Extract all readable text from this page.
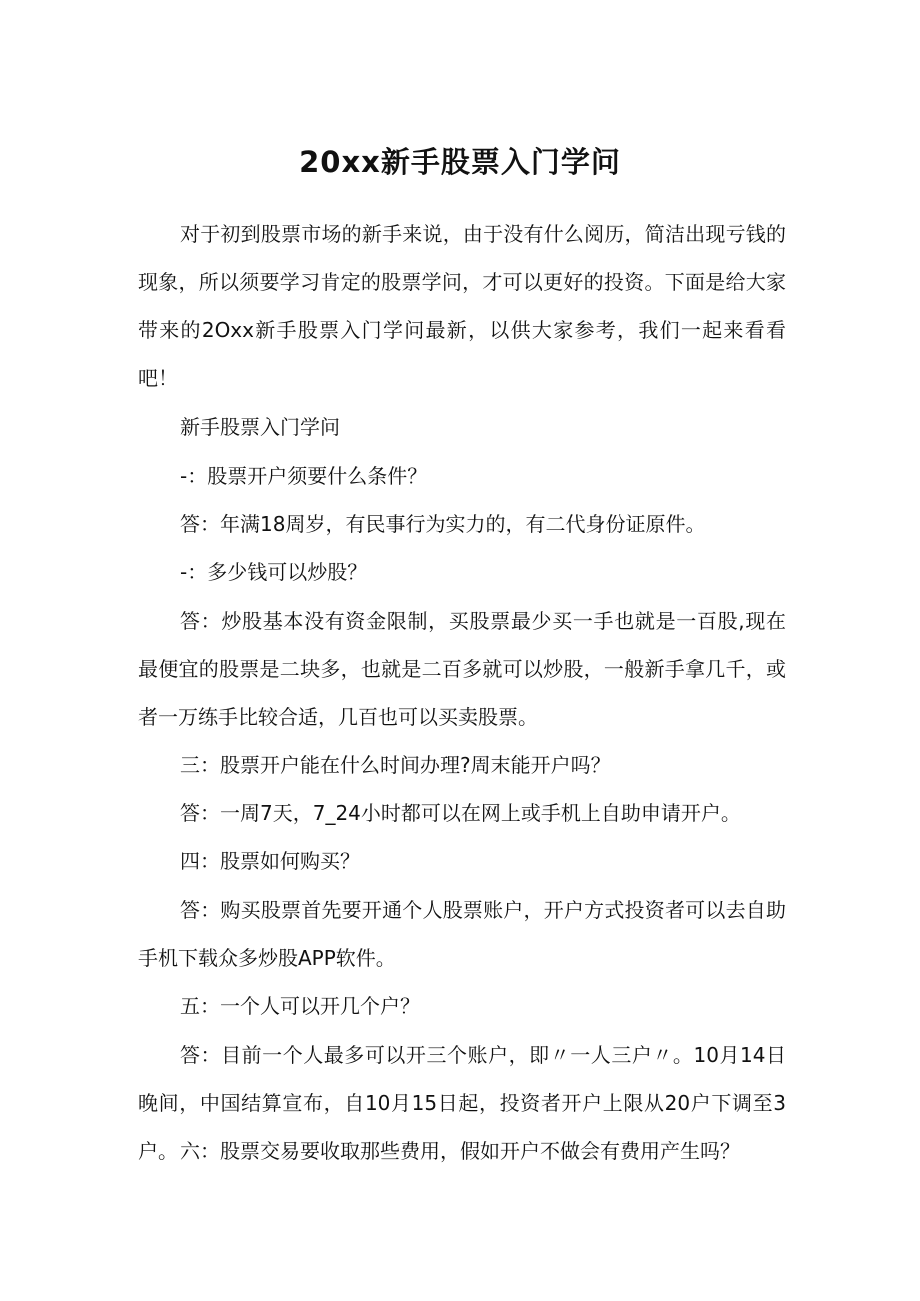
20xx新手股票入门学问

对于初到股票市场的新手来说，由于没有什么阅历，简洁出现亏钱的现象，所以须要学习肯定的股票学问，才可以更好的投资。下面是给大家带来的2Oxx新手股票入门学问最新，以供大家参考，我们一起来看看吧！

新手股票入门学问

-：股票开户须要什么条件？

答：年满18周岁，有民事行为实力的，有二代身份证原件。

-：多少钱可以炒股？

答：炒股基本没有资金限制，买股票最少买一手也就是一百股,现在最便宜的股票是二块多，也就是二百多就可以炒股，一般新手拿几千，或者一万练手比较合适，几百也可以买卖股票。

三：股票开户能在什么时间办理?周末能开户吗？

答：一周7天，7_24小时都可以在网上或手机上自助申请开户。

四：股票如何购买？

答：购买股票首先要开通个人股票账户，开户方式投资者可以去自助手机下载众多炒股APP软件。

五：一个人可以开几个户？

答：目前一个人最多可以开三个账户，即〃一人三户〃。10月14日晚间，中国结算宣布，自10月15日起，投资者开户上限从20户下调至3户。 六：股票交易要收取那些费用，假如开户不做会有费用产生吗？
